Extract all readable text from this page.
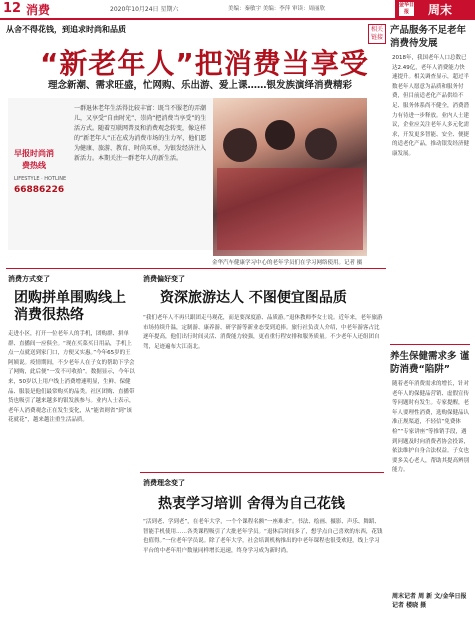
12 消费	2020年10月24日 星期六	美编：秦敏宇 美编：李萍 审读：周丽欣
金华日报	周末
从舍不得花钱，到追求时尚和品质
“新老年人”把消费当享受
理念新潮、需求旺盛，忙网购、乐出游、爱上课……银发族演绎消费精彩
早报时尚消费热线
LIFESTYLE · HOTLINE
66886226
一群退休老年生活得比较丰富：既当不服老的弄潮儿，又享受“自由时光”、崇尚“把消费当享受”的生活方式。随着互联网普及和消费观念转变，像这样的“新老年人”正在成为消费市场的生力军，他们愿为健康、旅游、教育、时尚买单，为银发经济注入新活力。本期关注一群老年人的新生活。
金华汽车健康学习中心的老年学员们在学习网络使用。记者 摄
相关链接
产品服务不足老年消费待发展
2018年，我国老年人口总数已达2.49亿，老年人消费能力快速提升。相关调查显示，超过半数老年人愿意为品质和服务付费，但目前适老化产品供给不足、服务体系尚不健全，消费潜力有待进一步释放。业内人士建议，企业应关注老年人多元化需求，开发更多智能、安全、便捷的适老化产品，推动银发经济健康发展。
养生保健需求多 谨防消费“陷阱”
随着老年消费需求的增长，针对老年人的保健品营销、虚假宣传等问题时有发生。专家提醒，老年人要理性消费，选购保健品认准正规渠道，不轻信“免费体检”“专家讲座”等推销手段，遇到问题及时向消费者协会投诉，依法维护自身合法权益。子女也要多关心老人，帮助其提高辨别能力。
周末记者 周 新 文/金华日报记者 楼晓 摄
消费方式变了
团购拼单围购线上消费很热络
走进小区，打开一位老年人的手机，团购群、拼单群、直播间一应俱全。“现在买菜买日用品，手机上点一点就送到家门口，方便又实惠。”今年65岁的王阿姨说。疫情期间，不少老年人在子女的帮助下学会了网购，此后便“一发不可收拾”。数据显示，今年以来，50岁以上用户线上消费增速明显，生鲜、保健品、服装是他们最常购买的品类。社区团购、直播带货也吸引了越来越多的银发族参与。业内人士表示，老年人消费观念正在发生变化，从“能省则省”到“该花就花”，越来越注重生活品质。
消费偏好变了
资深旅游达人 不图便宜图品质
“我们老年人不再只跟团走马观花，而是要深度游、品质游。”退休教师李女士说。近年来，老年旅游市场持续升温，定制游、康养游、研学游等新业态受到追捧。旅行社负责人介绍，中老年游客占比逐年提高，他们出行时间灵活、消费能力较强，更看重行程安排和服务质量。不少老年人还组团自驾，足迹遍布大江南北。
消费理念变了
热衷学习培训 舍得为自己花钱
“活到老、学到老”，在老年大学，一个个课程名额“一座难求”。书法、绘画、摄影、声乐、舞蹈、智能手机使用……各类课程吸引了大批老年学员。“退休后时间多了，想学点自己喜欢的东西，花钱也值得。”一位老年学员说。除了老年大学，社会培训机构推出的中老年课程也很受欢迎，线上学习平台的中老年用户数量同样增长迅速，终身学习成为新时尚。
